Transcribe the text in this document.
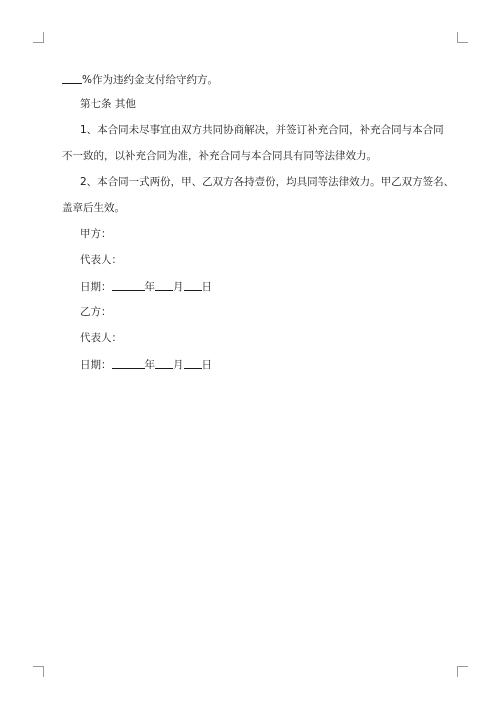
%作为违约金支付给守约方。
第七条 其他
1、本合同未尽事宜由双方共同协商解决，并签订补充合同，补充合同与本合同
不一致的，以补充合同为准，补充合同与本合同具有同等法律效力。
2、本合同一式两份，甲、乙双方各持壹份，均具同等法律效力。甲乙双方签名、
盖章后生效。
甲方：
代表人：
日期：	年 月 日
乙方：
代表人：
日期：	年 月 日
